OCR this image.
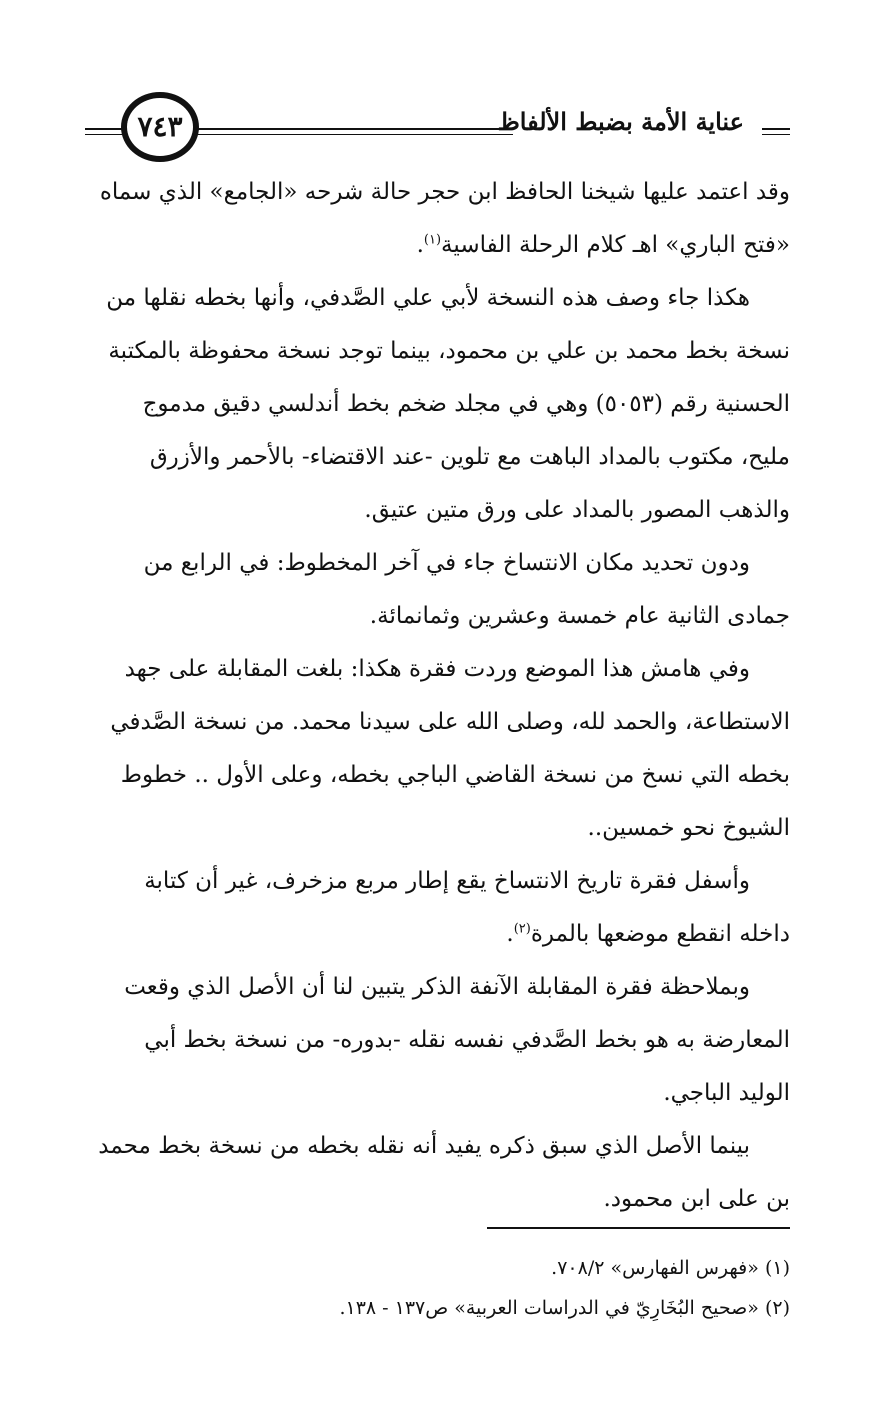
عناية الأمة بضبط الألفاظ
٧٤٣

وقد اعتمد عليها شيخنا الحافظ ابن حجر حالة شرحه «الجامع» الذي سماه «فتح الباري» اهـ كلام الرحلة الفاسية$^{(١)}$.

هكذا جاء وصف هذه النسخة لأبي علي الصَّدفي، وأنها بخطه نقلها من نسخة بخط محمد بن علي بن محمود، بينما توجد نسخة محفوظة بالمكتبة الحسنية رقم (٥٠٥٣) وهي في مجلد ضخم بخط أندلسي دقيق مدموج مليح، مكتوب بالمداد الباهت مع تلوين -عند الاقتضاء- بالأحمر والأزرق والذهب المصور بالمداد على ورق متين عتيق.

ودون تحديد مكان الانتساخ جاء في آخر المخطوط: في الرابع من جمادى الثانية عام خمسة وعشرين وثمانمائة.

وفي هامش هذا الموضع وردت فقرة هكذا: بلغت المقابلة على جهد الاستطاعة، والحمد لله، وصلى الله على سيدنا محمد. من نسخة الصَّدفي بخطه التي نسخ من نسخة القاضي الباجي بخطه، وعلى الأول .. خطوط الشيوخ نحو خمسين..

وأسفل فقرة تاريخ الانتساخ يقع إطار مربع مزخرف، غير أن كتابة داخله انقطع موضعها بالمرة$^{(٢)}$.

وبملاحظة فقرة المقابلة الآنفة الذكر يتبين لنا أن الأصل الذي وقعت المعارضة به هو بخط الصَّدفي نفسه نقله -بدوره- من نسخة بخط أبي الوليد الباجي.

بينما الأصل الذي سبق ذكره يفيد أنه نقله بخطه من نسخة بخط محمد بن على ابن محمود.

(١) «فهرس الفهارس» ٧٠٨/٢.

(٢) «صحيح البُخَارِيّ في الدراسات العربية» ص١٣٧ - ١٣٨.
